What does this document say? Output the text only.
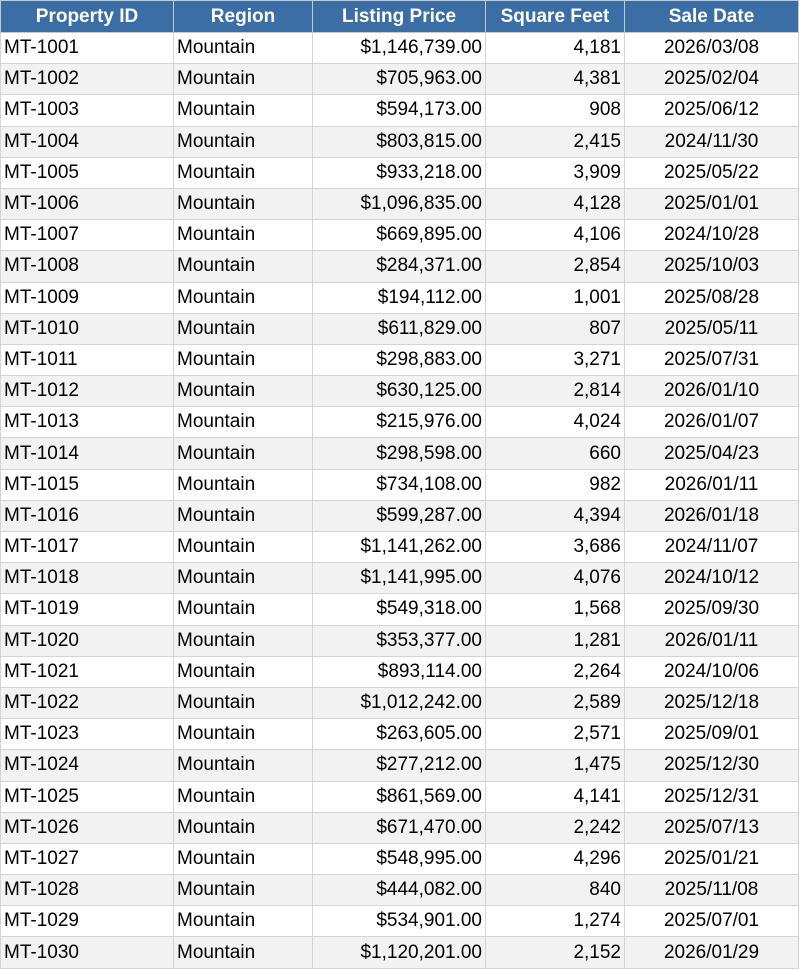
Property ID	Region	Listing Price	Square Feet	Sale Date
MT-1001	Mountain	$1,146,739.00	4,181	2026/03/08
MT-1002	Mountain	$705,963.00	4,381	2025/02/04
MT-1003	Mountain	$594,173.00	908	2025/06/12
MT-1004	Mountain	$803,815.00	2,415	2024/11/30
MT-1005	Mountain	$933,218.00	3,909	2025/05/22
MT-1006	Mountain	$1,096,835.00	4,128	2025/01/01
MT-1007	Mountain	$669,895.00	4,106	2024/10/28
MT-1008	Mountain	$284,371.00	2,854	2025/10/03
MT-1009	Mountain	$194,112.00	1,001	2025/08/28
MT-1010	Mountain	$611,829.00	807	2025/05/11
MT-1011	Mountain	$298,883.00	3,271	2025/07/31
MT-1012	Mountain	$630,125.00	2,814	2026/01/10
MT-1013	Mountain	$215,976.00	4,024	2026/01/07
MT-1014	Mountain	$298,598.00	660	2025/04/23
MT-1015	Mountain	$734,108.00	982	2026/01/11
MT-1016	Mountain	$599,287.00	4,394	2026/01/18
MT-1017	Mountain	$1,141,262.00	3,686	2024/11/07
MT-1018	Mountain	$1,141,995.00	4,076	2024/10/12
MT-1019	Mountain	$549,318.00	1,568	2025/09/30
MT-1020	Mountain	$353,377.00	1,281	2026/01/11
MT-1021	Mountain	$893,114.00	2,264	2024/10/06
MT-1022	Mountain	$1,012,242.00	2,589	2025/12/18
MT-1023	Mountain	$263,605.00	2,571	2025/09/01
MT-1024	Mountain	$277,212.00	1,475	2025/12/30
MT-1025	Mountain	$861,569.00	4,141	2025/12/31
MT-1026	Mountain	$671,470.00	2,242	2025/07/13
MT-1027	Mountain	$548,995.00	4,296	2025/01/21
MT-1028	Mountain	$444,082.00	840	2025/11/08
MT-1029	Mountain	$534,901.00	1,274	2025/07/01
MT-1030	Mountain	$1,120,201.00	2,152	2026/01/29
